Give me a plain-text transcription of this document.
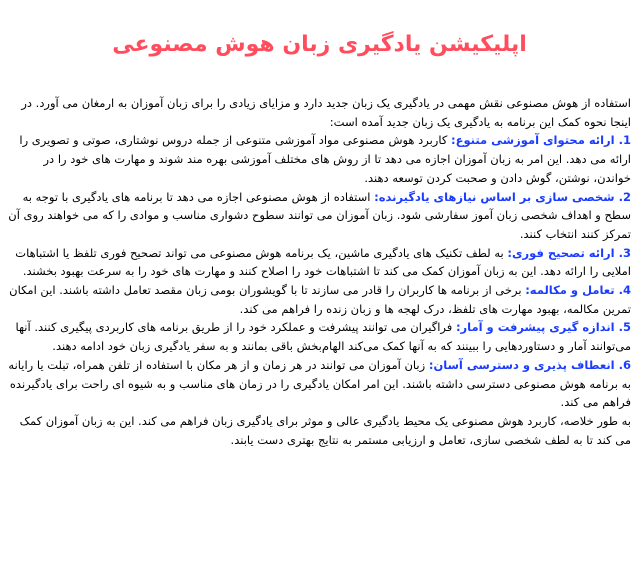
اپلیکیشن یادگیری زبان هوش مصنوعی

استفاده از هوش مصنوعی نقش مهمی در یادگیری یک زبان جدید دارد و مزایای زیادی را برای زبان آموزان به ارمغان می آورد. در اینجا نحوه کمک این برنامه به یادگیری یک زبان جدید آمده است:

1. ارائه محتوای آموزشی متنوع: کاربرد هوش مصنوعی مواد آموزشی متنوعی از جمله دروس نوشتاری، صوتی و تصویری را ارائه می دهد. این امر به زبان آموزان اجازه می دهد تا از روش های مختلف آموزشی بهره مند شوند و مهارت های خود را در خواندن، نوشتن، گوش دادن و صحبت کردن توسعه دهند.

2. شخصی سازی بر اساس نیازهای یادگیرنده: استفاده از هوش مصنوعی اجازه می دهد تا برنامه های یادگیری با توجه به سطح و اهداف شخصی زبان آموز سفارشی شود. زبان آموزان می توانند سطوح دشواری مناسب و موادی را که می خواهند روی آن تمرکز کنند انتخاب کنند.

3. ارائه تصحیح فوری: به لطف تکنیک های یادگیری ماشین، یک برنامه هوش مصنوعی می تواند تصحیح فوری تلفظ یا اشتباهات املایی را ارائه دهد. این به زبان آموزان کمک می کند تا اشتباهات خود را اصلاح کنند و مهارت های خود را به سرعت بهبود بخشند.

4. تعامل و مکالمه: برخی از برنامه ها کاربران را قادر می سازند تا با گویشوران بومی زبان مقصد تعامل داشته باشند. این امکان تمرین مکالمه، بهبود مهارت های تلفظ، درک لهجه ها و زبان زنده را فراهم می کند.

5. اندازه گیری پیشرفت و آمار: فراگیران می توانند پیشرفت و عملکرد خود را از طریق برنامه های کاربردی پیگیری کنند. آنها می‌توانند آمار و دستاوردهایی را ببینند که به آنها کمک می‌کند الهام‌بخش باقی بمانند و به سفر یادگیری زبان خود ادامه دهند.

6. انعطاف پذیری و دسترسی آسان: زبان آموزان می توانند در هر زمان و از هر مکان با استفاده از تلفن همراه، تبلت یا رایانه به برنامه هوش مصنوعی دسترسی داشته باشند. این امر امکان یادگیری را در زمان های مناسب و به شیوه ای راحت برای یادگیرنده فراهم می کند.

به طور خلاصه، کاربرد هوش مصنوعی یک محیط یادگیری عالی و موثر برای یادگیری زبان فراهم می کند. این به زبان آموزان کمک می کند تا به لطف شخصی سازی، تعامل و ارزیابی مستمر به نتایج بهتری دست یابند.
